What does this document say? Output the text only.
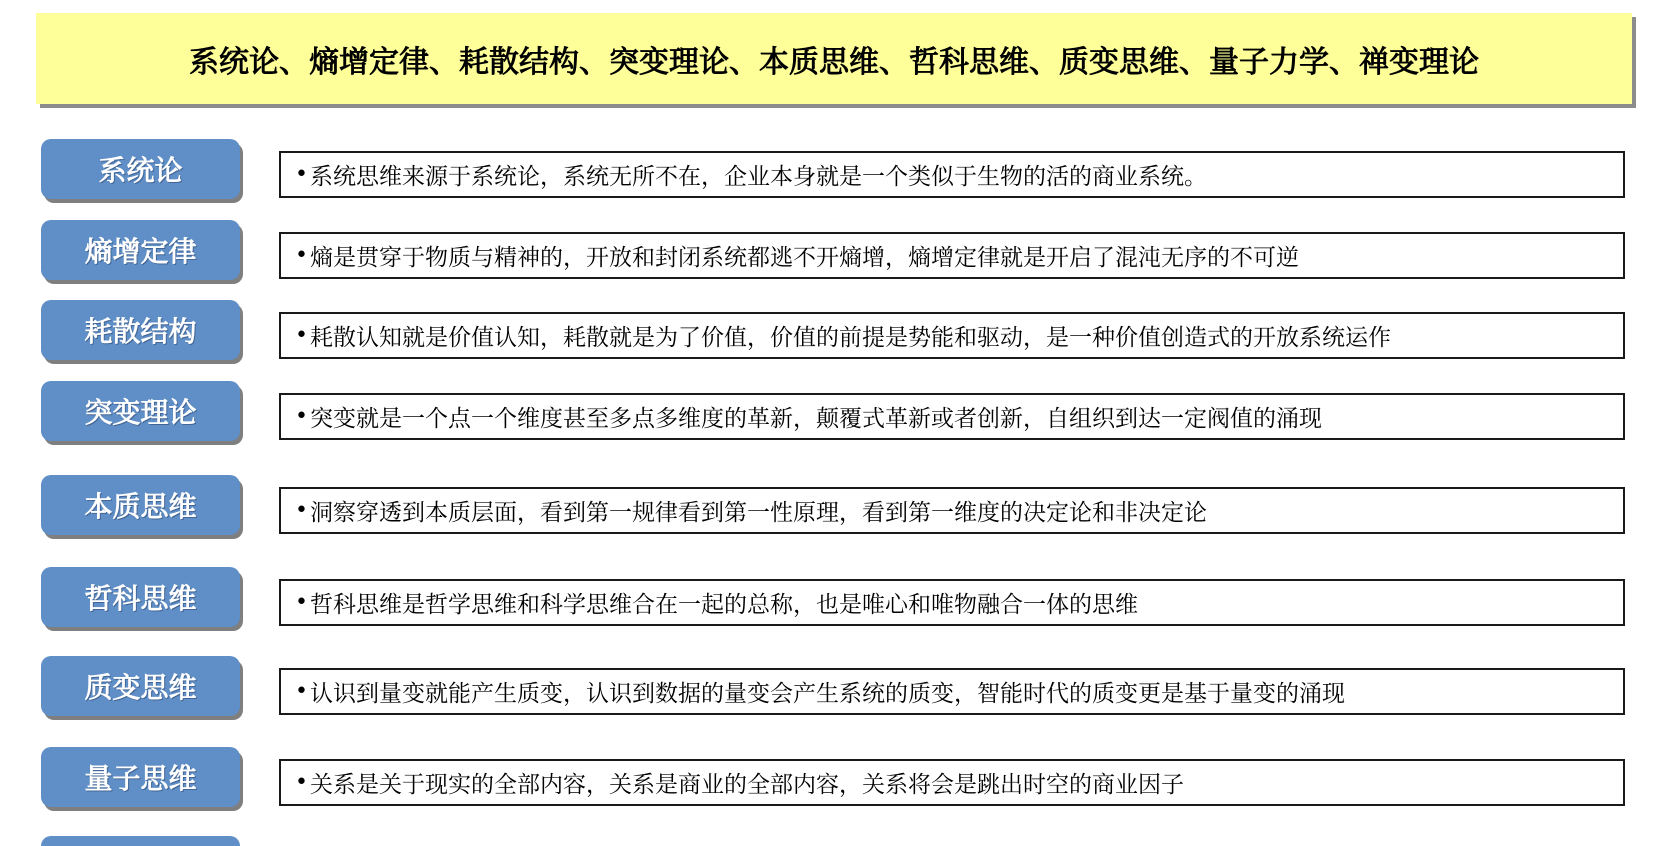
系统论、熵增定律、耗散结构、突变理论、本质思维、哲科思维、质变思维、量子力学、禅变理论
系统论	• 系统思维来源于系统论，系统无所不在，企业本身就是一个类似于生物的活的商业系统。
熵增定律	• 熵是贯穿于物质与精神的，开放和封闭系统都逃不开熵增，熵增定律就是开启了混沌无序的不可逆
耗散结构	• 耗散认知就是价值认知，耗散就是为了价值，价值的前提是势能和驱动，是一种价值创造式的开放系统运作
突变理论	• 突变就是一个点一个维度甚至多点多维度的革新，颠覆式革新或者创新，自组织到达一定阀值的涌现
本质思维	• 洞察穿透到本质层面，看到第一规律看到第一性原理，看到第一维度的决定论和非决定论
哲科思维	• 哲科思维是哲学思维和科学思维合在一起的总称，也是唯心和唯物融合一体的思维
质变思维	• 认识到量变就能产生质变，认识到数据的量变会产生系统的质变，智能时代的质变更是基于量变的涌现
量子思维	• 关系是关于现实的全部内容，关系是商业的全部内容，关系将会是跳出时空的商业因子
